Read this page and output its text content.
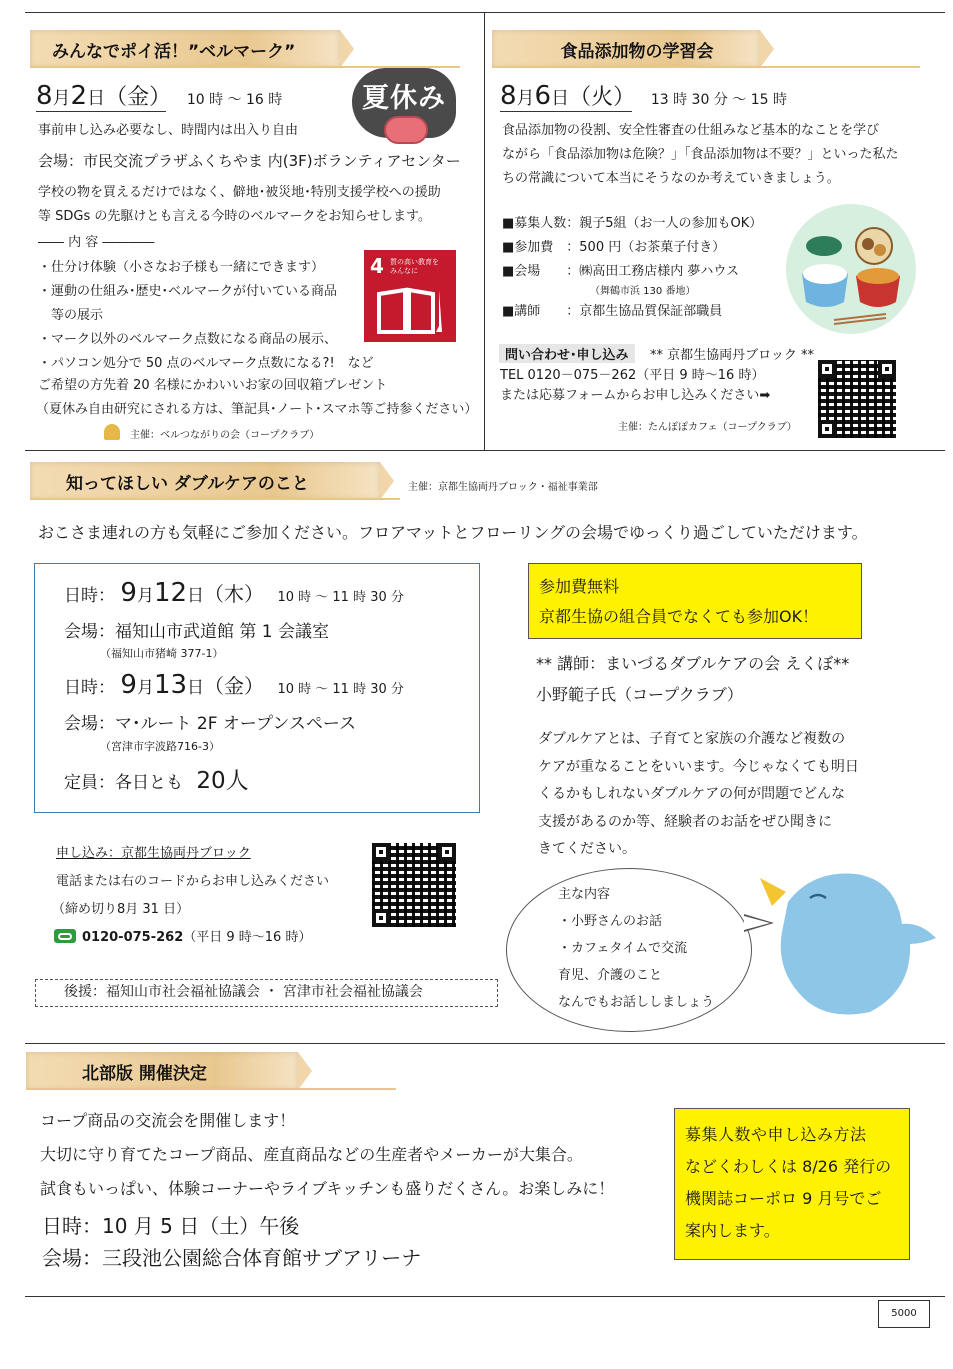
みんなでポイ活！”ベルマーク”
8月2日（金） 10 時 ～ 16 時	夏休み
事前申し込み必要なし、時間内は出入り自由
会場：市民交流プラザふくちやま 内(3F)ボランティアセンター
学校の物を買えるだけではなく、僻地･被災地･特別支援学校への援助
等 SDGs の先駆けとも言える今時のベルマークをお知らせします。
―― 内 容 ――――
・仕分け体験（小さなお子様も一緒にできます）
・運動の仕組み･歴史･ベルマークが付いている商品
　等の展示
・マーク以外のベルマーク点数になる商品の展示、
・パソコン処分で 50 点のベルマーク点数になる?!　など
ご希望の方先着 20 名様にかわいいお家の回収箱プレゼント
（夏休み自由研究にされる方は、筆記具･ノート･スマホ等ご持参ください）
主催：ベルつながりの会（コープクラブ）
4 質の高い教育を
みんなに
食品添加物の学習会
8月6日（火） 13 時 30 分 ～ 15 時
食品添加物の役割、安全性審査の仕組みなど基本的なことを学び
ながら「食品添加物は危険？」「食品添加物は不要？」といった私た
ちの常識について本当にそうなのか考えていきましょう。
■募集人数：親子5組（お一人の参加もOK）
■参加費　：500 円（お茶菓子付き）
■会場　　：㈱高田工務店様内 夢ハウス
（舞鶴市浜 130 番地）
■講師　　：京都生協品質保証部職員
問い合わせ･申し込み	** 京都生協両丹ブロック **
TEL 0120－075－262（平日 9 時～16 時）
または応募フォームからお申し込みください➡
主催：たんぽぽカフェ（コープクラブ）
知ってほしい ダブルケアのこと	主催：京都生協両丹ブロック・福祉事業部
おこさま連れの方も気軽にご参加ください。フロアマットとフローリングの会場でゆっくり過ごしていただけます。
日時： 9月12日（木） 10 時 ～ 11 時 30 分
会場：福知山市武道館 第 1 会議室
（福知山市猪崎 377-1）
日時： 9月13日（金） 10 時 ～ 11 時 30 分
会場：マ･ルート 2F オープンスペース
（宮津市字波路716-3）
定員：各日とも 20人
申し込み：京都生協両丹ブロック
電話または右のコードからお申し込みください
（締め切り8月 31 日）
0120-075-262（平日 9 時～16 時）
後援：福知山市社会福祉協議会 ・ 宮津市社会福祉協議会
参加費無料
京都生協の組合員でなくても参加OK！
** 講師：まいづるダブルケアの会 えくぼ**
小野範子氏（コープクラブ）
ダブルケアとは、子育てと家族の介護など複数の
ケアが重なることをいいます。今じゃなくても明日
くるかもしれないダブルケアの何が問題でどんな
支援があるのか等、経験者のお話をぜひ聞きに
きてください。
主な内容
・小野さんのお話
・カフェタイムで交流
育児、介護のこと
なんでもお話ししましょう
北部版 開催決定
コープ商品の交流会を開催します！
大切に守り育てたコープ商品、産直商品などの生産者やメーカーが大集合。
試食もいっぱい、体験コーナーやライブキッチンも盛りだくさん。お楽しみに！
日時：10 月 5 日（土）午後
会場：三段池公園総合体育館サブアリーナ
募集人数や申し込み方法
などくわしくは 8/26 発行の
機関誌コーポロ 9 月号でご
案内します。
5000
